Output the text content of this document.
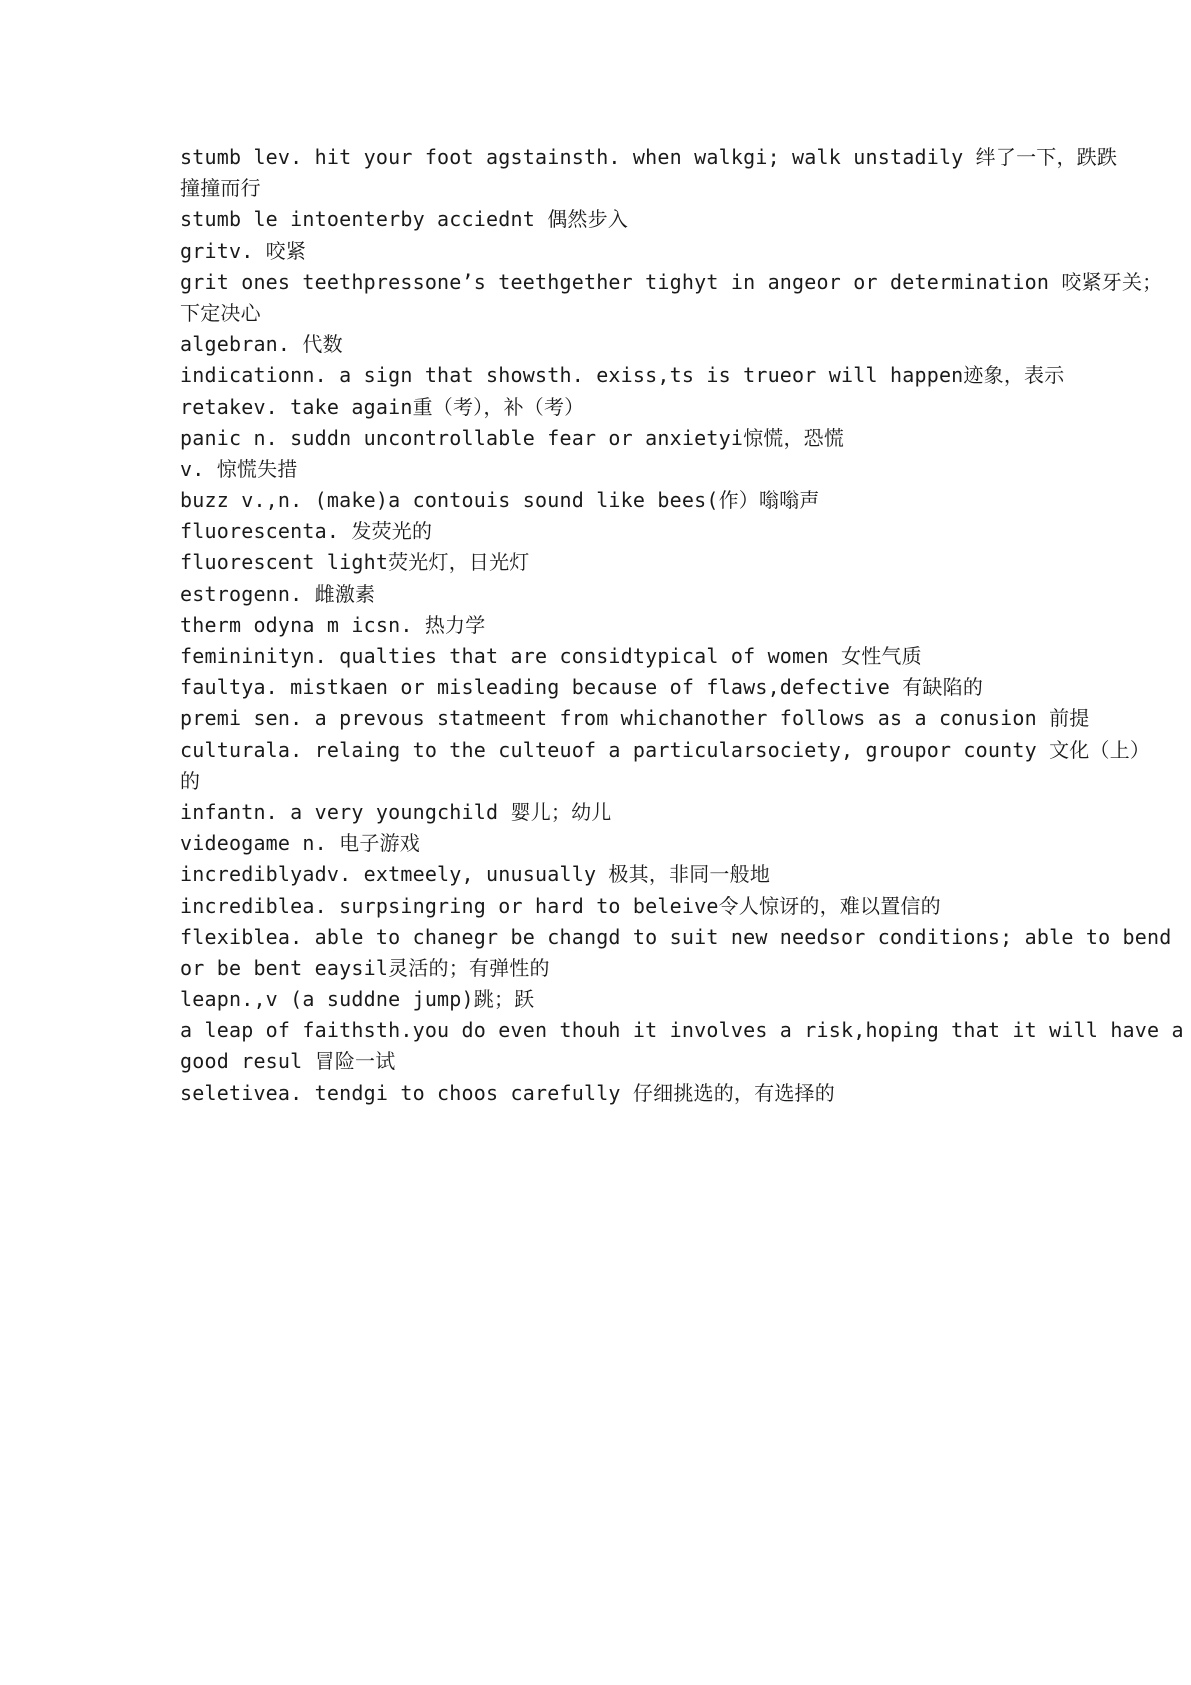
stumb lev. hit your foot agstainsth. when walkgi; walk unstadily 绊了一下，跌跌
撞撞而行
stumb le intoenterby acciednt 偶然步入
gritv. 咬紧
grit ones teethpressone’s teethgether tighyt in angeor or determination 咬紧牙关；
下定决心
algebran. 代数
indicationn. a sign that showsth. exiss,ts is trueor will happen迹象，表示
retakev. take again重（考），补（考）
panic n. suddn uncontrollable fear or anxietyi惊慌，恐慌
v. 惊慌失措
buzz v.,n. (make)a contouis sound like bees(作）嗡嗡声
fluorescenta. 发荧光的
fluorescent light荧光灯，日光灯
estrogenn. 雌激素
therm odyna m icsn. 热力学
femininityn. qualties that are considtypical of women 女性气质
faultya. mistkaen or misleading because of flaws,defective 有缺陷的
premi sen. a prevous statmeent from whichanother follows as a conusion 前提
culturala. relaing to the culteuof a particularsociety, groupor county 文化（上）
的
infantn. a very youngchild 婴儿；幼儿
videogame n. 电子游戏
incrediblyadv. extmeely, unusually 极其，非同一般地
incrediblea. surpsingring or hard to beleive令人惊讶的，难以置信的
flexiblea. able to chanegr be changd to suit new needsor conditions; able to bend
or be bent eaysil灵活的；有弹性的
leapn.,v (a suddne jump)跳；跃
a leap of faithsth.you do even thouh it involves a risk,hoping that it will have a
good resul 冒险一试
seletivea. tendgi to choos carefully 仔细挑选的，有选择的
